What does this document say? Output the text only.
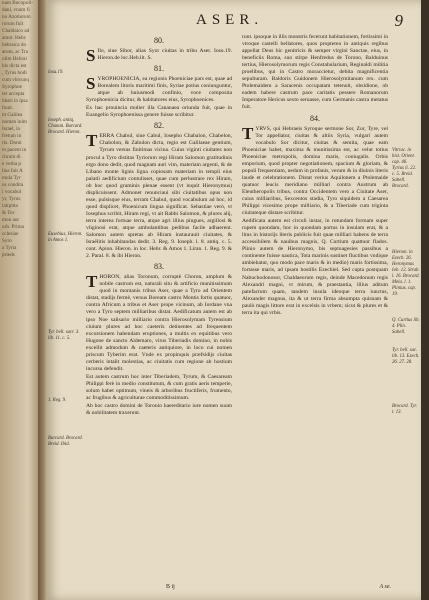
nam Bocopoli-
dani, vnum fi
no Azotiorum
rorum fuit
Chaldaico ad
amor. Hebr.
hebraica do
arum, ac Tra
olim Hebrai
bis dicta est
, Tyrus hodi
cum vbicunq
Syrophoe
ter accepta
bbari in ipsa
fouit.
nt Galilea
nomen inim
Israel, in
fretum in
ris. Domi
m pacem in
chrum di
e verba p
lius fuit A
mula Tyr
us condita
i vocabul
yr, Tyrus
latipitta
& Tor
mon aut
urb. Prima
cclesiae
Syro
a Tyria
prieds
ASER.	9
Iosu.19.
Ioseph. antiq. Chanan. Burcard. Brocard. Hieron.
Eusebius, Hieron. in Amos 1.
Tyr. bell. sacr. 3. lib. 11. c. 5.
1. Reg. 9.
Burcard. Brocard. Breid. Ibid.
80.

S Ilo, siue Sihor, alias Syor ciuitas in tribu Aser. Iosu.19. Hieron.de loc.Heb.lit. S.

81.

SYROPHOENICIA, ea regionis Phoeniciae pars est, quae ad Borealem litoris maritimi finis, Syriae potius coniunguntur, atque ab huiusmodi confinio, voce composita Syrophoenicia dicitur, & habitatores eius, Syrophoenices.

Ex hac prouincia mulier illa Cananaea oriunda fuit, quae in Euangelio Syrophoenissa genere fuisse scribitur.

82.

TERRA Chabul, siue Cabul, Iosepho Chabalon, Chabelon, Chabolon, & Zabulon dicta, regio est Galilaeae gentium, Tyrum versus finitimas vicina. Cuius viginti ciuitates non procul a Tyro distitas Tyriorum regi Hiram Salomon gratitudinis ergo dono dedit, quod magnam auri vim, materiam argenti, & de Libano monte lignis ligna copiosam materiam in templi eius palatii aedificium contulisset, quae cum perlustrare rex Hiram, ob hoc quod graminis plenae essent (vt inquit Hieronymus) displicuissent. Admonet renunciaui sibi ciuitatibus opus non esse, pulsisque eius, terram Chabul, quod vocabulum ad hoc, id quod displicet, Phoenicum lingua significat. Sebastiae verò, vt Iosephus scribit, Hiram regi, vt ait Rabbi Salomon, & plures alij, terra interea fortuae terra, atque agri illius pingues, argillosi & vliginosi erat, atque ambulantibus pedibus facile adhaerent. Salomon autem spretas ab Hiram instaurauit ciuitates, & Israëlitis inhabitandas dedit. 3. Reg. 9. Ioseph. l. 8. antiq. c. 5. cont. Apion. Hieron. in loc. Hebr. & Amos 1. Liran. 1. Reg. 9. & 2. Paral. 8. & ibi Hieron.

83.

THORON, alias Toronum, corruptè Choron, amplum & nobile castrum est, naturali situ & artificio munitissimum quod in montanis tribus Aser, quae a Tyro ad Orientem distat, stadijs fermè, versus Boream castro Montis fortis quatuor, contra Africum a tribus et Aser prope vicinum, ab Iordane vna vero a Tyro septem milliaribus distat. Aedificatum autem est ab ipso Noe salisario milliario contra Hierosolymam Tyrensium ciuium plures ad hoc caeteris detinentes ad frequentem excursionem habendam eruptiones, a multis ex equitibus vero Hugone de sancto Aldemaro, virus Tiberiadis domino, in nobis excellit admodum & caeteris antiquiore, in loco cui nomen priscum Tyberim erat. Vnde ex propinquis præfsidijs ciuitas cerberis intalit molestias, ac ciuitatis cum regione ab hostium incursu defendit.

Est autem castrum hoc inter Tiberiadem, Tyrum, & Caesaream Philippi ferè in medio constitutum, & cum gratis aeris temperie, solum habet optimum, vineis & arboribus fructiferis, frumento, ac frugibus & agriculturae commoditissimum.

Ab hoc castro domini de Toronio haereditario iure nomen suum & nobilitatem traxerunt.

runt. ipsoque in illis monstris fecerunt habitationem, fortissimi in vtroque castelli bellatores, quos propterea in antiquis regibus appellat Deus hic genitricis & semper virgini Sanctae, eius, in beneficiis Roma, suo stirpe Henfredus de Torono, Balduinus tertius, Hierosolymorum regis Constabularium, Reginaldi militia proelibus, qui in Castro moraccietur, debita magnificentia sepulturam. Baldoris Guidonem Hierosolymitanum rex. cum Ptolemaidem a Saracenis occupatam tetenuit, obsidione, ob eadem habere castrum pace caritatis pessere Romanorum Imperatore Hericus sexto seruasse, cum Germanis castra metatus fuit.

84.

TYRVS, qui Hebraeis Syroque sermone Sor, Zor, Tyre, vel Tor appellatur, ciuitas & altiis Syria, vulgari autem vocabulo Sor dicitur, ciuitas & semita, quae eam Phoeniciae habet, maxima & munitissima est, ac velut totius Phoeniciae metropolis, domina maris, coniugalis. Orbis emporium, quod propter negotiationem, spacium & gloriam, & populi frequentiam, nedum in profanis, verum & in diuinis literis laude et celebrationem. Distat verius Aquilonem a Ptolemaide quatuor leucis meridiano milliari contra Austrum ab Eleutheropolis tribus, contra Occidentem vero a Ciuitate Aser, cuius milliaribus, Sexcentos stadia, Tyro siquidem a Caesarea Philippi vicesimo prope milliario, & a Tiberiade cum triginta ciuitateque distare scribitur.

Aedificata autem est circuli instar, in rotundam formam super rupem quondam, hoc in quondam portus in insulam erat, & a litus in historijs literis publicis fuit quae milliari habens de terra accessibilem & nauibus magnis, Q. Curtium quattuor flados. Plinio autem de Hieronymo, bis septuagesies passibus a continente fuisse nautica, Tota marinis sustinet fluctibus vndique ambiebatur, quo modo pace maris & in medio) maris fortissima, fortasse maris, ad ipsam hostilis Ezechiel. Sed capta postquam Nabuchodonosor, Chaldaeorum regis, deinde Macedonum regis Alexandri magni, vt mirum, & praestantia, illius aditum patefactum quam, tandem insula ideoque terra iunctus, Alexander magnus, ita & ut terra firma absumpta quisnam & paulò magis littore erat in excelsis in vrbem; sicut & plures et & terra ita qui vrbis.

Vitriac. in hist. Orient. cap. 46. Tyrius li. 22. c. 5. Breid. Sabell. Brocard.
Hierom. in Ezech. 26.
Heronymus Iob. 12. Strab. l. 16. Brocard. Mela. l. 1. Plinius. cap. 19.
Q. Curtius lib. 4. Plin. Sabell.
Tyr. bell. sac. lib. 13. Ezech. 26. 27. 28.
Brocard. Tyr. l. 13.
B ij	A se.
